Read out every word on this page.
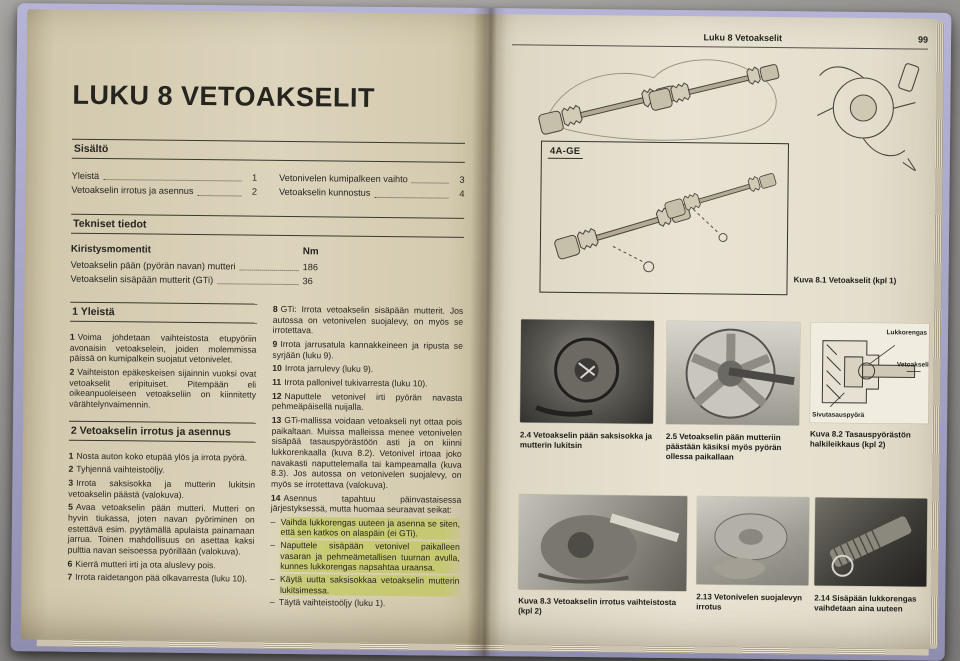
LUKU 8 VETOAKSELIT
Sisältö
Yleistä	1
Vetoakselin irrotus ja asennus	2
Vetonivelen kumipalkeen vaihto	3
Vetoakselin kunnostus	4
Tekniset tiedot
Kiristysmomentit	Nm
Vetoakselin pään (pyörän navan) mutteri	186
Vetoakselin sisäpään mutterit (GTi)	36
1 Yleistä

1 Voima johdetaan vaihteistosta etupyöriin avonaisin vetoakselein, joiden molemmissa päissä on kumipalkein suojatut vetonivelet.

2 Vaihteiston epäkeskeisen sijainnin vuoksi ovat vetoakselit eripituiset. Pitempään eli oikeanpuoleiseen vetoakseliin on kiinnitetty värähtelynvaimennin.

2 Vetoakselin irrotus ja asennus

1 Nosta auton koko etupää ylös ja irrota pyörä.

2 Tyhjennä vaihteistoöljy.

3 Irrota saksisokka ja mutterin lukitsin vetoakselin päästä (valokuva).

5 Avaa vetoakselin pään mutteri. Mutteri on hyvin tiukassa, joten navan pyöriminen on estettävä esim. pyytämällä apulaista painamaan jarrua. Toinen mahdollisuus on asettaa kaksi pulttia navan seisoessa pyörillään (valokuva).

6 Kierrä mutteri irti ja ota aluslevy pois.

7 Irrota raidetangon pää olkavarresta (luku 10).

8 GTi: Irrota vetoakselin sisäpään mutterit. Jos autossa on vetonivelen suojalevy, on myös se irrotettava.

9 Irrota jarrusatula kannakkeineen ja ripusta se syrjään (luku 9).

10 Irrota jarrulevy (luku 9).

11 Irrota pallonivel tukivarresta (luku 10).

12 Naputtele vetonivel irti pyörän navasta pehmeäpäisellä nuijalla.

13 GTi-mallissa voidaan vetoakseli nyt ottaa pois paikaltaan. Muissa malleissa menee vetonivelen sisäpää tasauspyörästöön asti ja on kiinni lukkorenkaalla (kuva 8.2). Vetonivel irtoaa joko navakasti naputtelemalla tai kampeamalla (kuva 8.3). Jos autossa on vetonivelen suojalevy, on myös se irrotettava (valokuva).

14 Asennus tapahtuu päinvastaisessa järjestyksessä, mutta huomaa seuraavat seikat:

– Vaihda lukkorengas uuteen ja asenna se siten, että sen katkos on alaspäin (ei GTi).

– Naputtele sisäpään vetonivel paikalleen vasaran ja pehmeämetallisen tuurnan avulla, kunnes lukkorengas napsahtaa uraansa.

– Käytä uutta saksisokkaa vetoakselin mutterin lukitsimessa.

– Täytä vaihteistoöljy (luku 1).

Luku 8 Vetoakselit	99
4A-GE
Kuva 8.1 Vetoakselit (kpl 1)
2.4 Vetoakselin pään saksisokka ja mutterin lukitsin
2.5 Vetoakselin pään mutteriin päästään käsiksi myös pyörän ollessa paikallaan
Lukkorengas
Vetoakseli
Sivutasauspyörä
Kuva 8.2 Tasauspyörästön halkileikkaus (kpl 2)
Kuva 8.3 Vetoakselin irrotus vaihteistosta (kpl 2)
2.13 Vetonivelen suojalevyn irrotus
2.14 Sisäpään lukkorengas vaihdetaan aina uuteen
